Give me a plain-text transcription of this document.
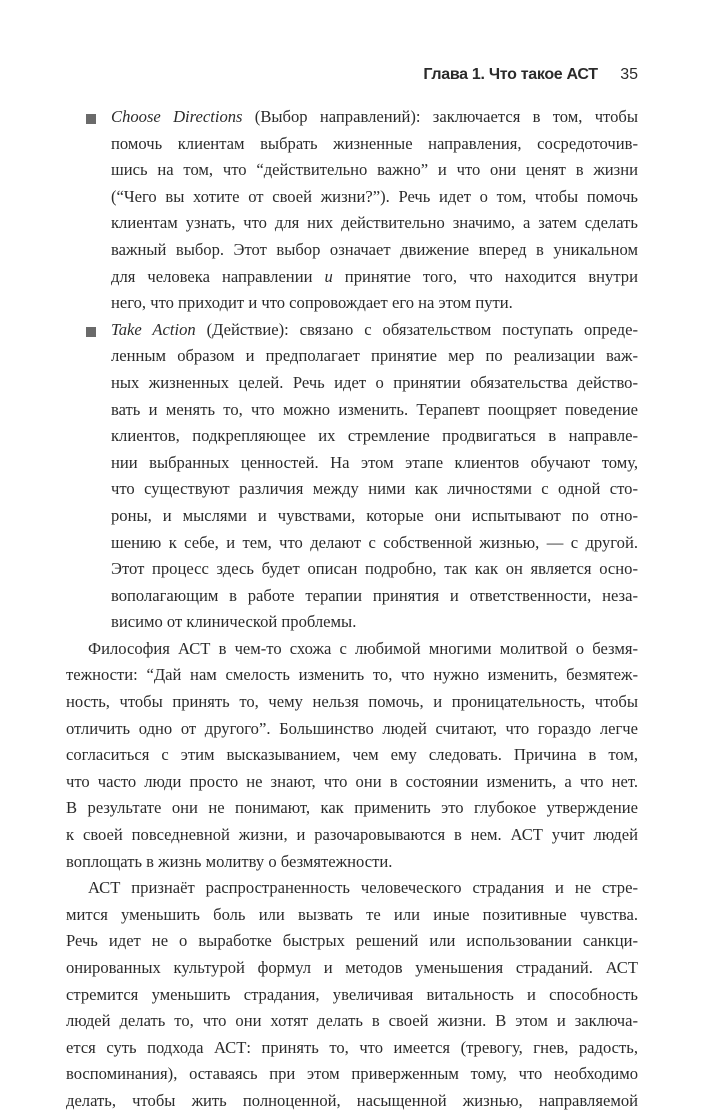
Глава 1. Что такое АСТ 35
Choose Directions (Выбор направлений): заключается в том, чтобы
помочь клиентам выбрать жизненные направления, сосредоточив-
шись на том, что “действительно важно” и что они ценят в жизни
(“Чего вы хотите от своей жизни?”). Речь идет о том, чтобы помочь
клиентам узнать, что для них действительно значимо, а затем сделать
важный выбор. Этот выбор означает движение вперед в уникальном
для человека направлении и принятие того, что находится внутри
него, что приходит и что сопровождает его на этом пути.
Take Action (Действие): связано с обязательством поступать опреде-
ленным образом и предполагает принятие мер по реализации важ-
ных жизненных целей. Речь идет о принятии обязательства действо-
вать и менять то, что можно изменить. Терапевт поощряет поведение
клиентов, подкрепляющее их стремление продвигаться в направле-
нии выбранных ценностей. На этом этапе клиентов обучают тому,
что существуют различия между ними как личностями с одной сто-
роны, и мыслями и чувствами, которые они испытывают по отно-
шению к себе, и тем, что делают с собственной жизнью, — с другой.
Этот процесс здесь будет описан подробно, так как он является осно-
вополагающим в работе терапии принятия и ответственности, неза-
висимо от клинической проблемы.
Философия АСТ в чем-то схожа с любимой многими молитвой о безмя-
тежности: “Дай нам смелость изменить то, что нужно изменить, безмятеж-
ность, чтобы принять то, чему нельзя помочь, и проницательность, чтобы
отличить одно от другого”. Большинство людей считают, что гораздо легче
согласиться с этим высказыванием, чем ему следовать. Причина в том,
что часто люди просто не знают, что они в состоянии изменить, а что нет.
В результате они не понимают, как применить это глубокое утверждение
к своей повседневной жизни, и разочаровываются в нем. АСТ учит людей
воплощать в жизнь молитву о безмятежности.
АСТ признаёт распространенность человеческого страдания и не стре-
мится уменьшить боль или вызвать те или иные позитивные чувства.
Речь идет не о выработке быстрых решений или использовании санкци-
онированных культурой формул и методов уменьшения страданий. АСТ
стремится уменьшить страдания, увеличивая витальность и способность
людей делать то, что они хотят делать в своей жизни. В этом и заключа-
ется суть подхода АСТ: принять то, что имеется (тревогу, гнев, радость,
воспоминания), оставаясь при этом приверженным тому, что необходимо
делать, чтобы жить полноценной, насыщенной жизнью, направляемой
